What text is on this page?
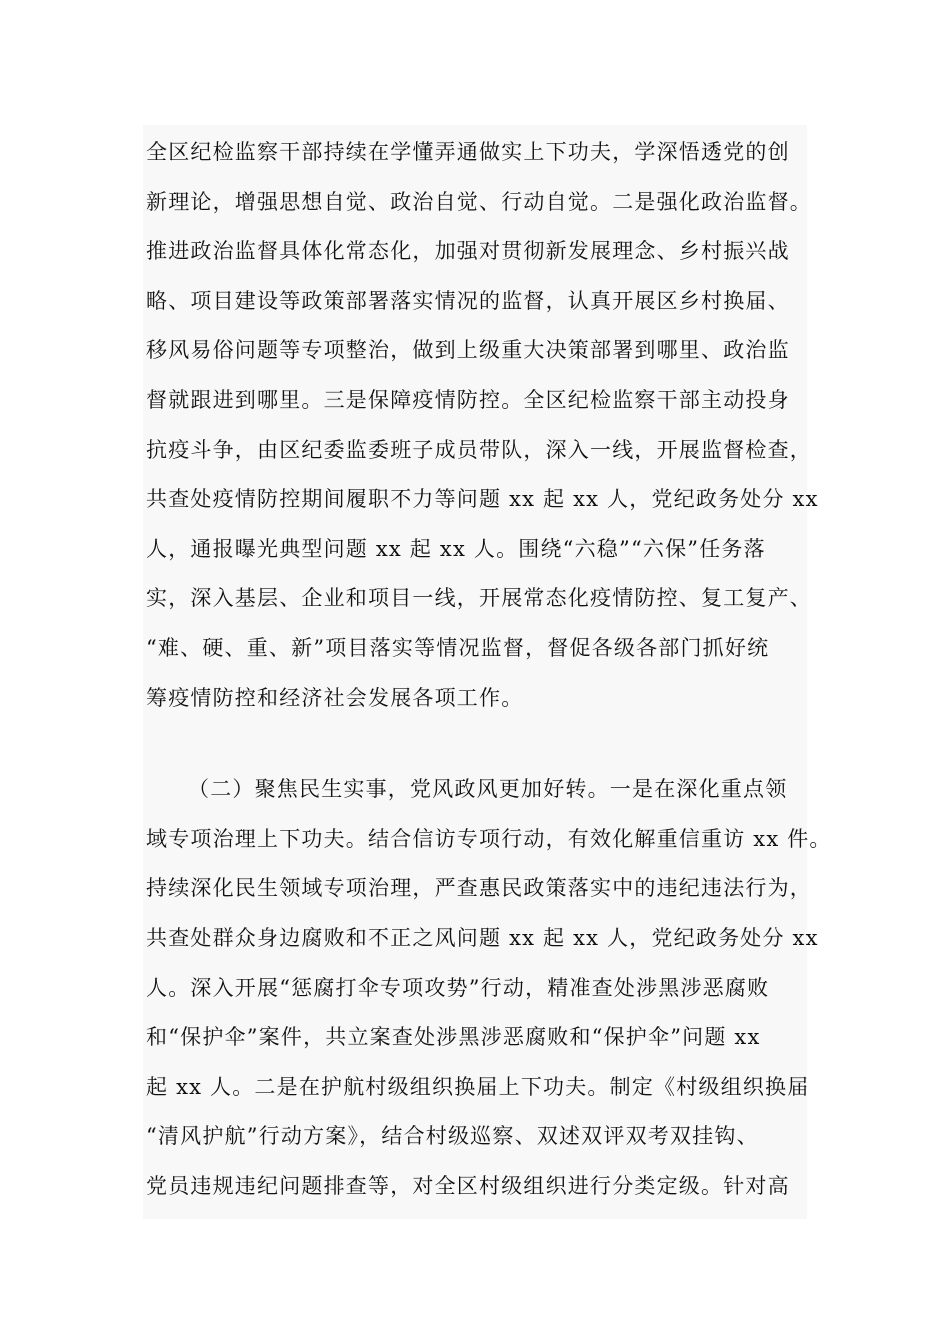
全区纪检监察干部持续在学懂弄通做实上下功夫，学深悟透党的创
新理论，增强思想自觉、政治自觉、行动自觉。二是强化政治监督。
推进政治监督具体化常态化，加强对贯彻新发展理念、乡村振兴战
略、项目建设等政策部署落实情况的监督，认真开展区乡村换届、
移风易俗问题等专项整治，做到上级重大决策部署到哪里、政治监
督就跟进到哪里。三是保障疫情防控。全区纪检监察干部主动投身
抗疫斗争，由区纪委监委班子成员带队，深入一线，开展监督检查，
共查处疫情防控期间履职不力等问题 xx 起 xx 人，党纪政务处分 xx
人，通报曝光典型问题 xx 起 xx 人。围绕“六稳”“六保”任务落
实，深入基层、企业和项目一线，开展常态化疫情防控、复工复产、
“难、硬、重、新”项目落实等情况监督，督促各级各部门抓好统
筹疫情防控和经济社会发展各项工作。
（二）聚焦民生实事，党风政风更加好转。一是在深化重点领
域专项治理上下功夫。结合信访专项行动，有效化解重信重访 xx 件。
持续深化民生领域专项治理，严查惠民政策落实中的违纪违法行为，
共查处群众身边腐败和不正之风问题 xx 起 xx 人，党纪政务处分 xx
人。深入开展“惩腐打伞专项攻势”行动，精准查处涉黑涉恶腐败
和“保护伞”案件，共立案查处涉黑涉恶腐败和“保护伞”问题 xx
起 xx 人。二是在护航村级组织换届上下功夫。制定《村级组织换届
“清风护航”行动方案》，结合村级巡察、双述双评双考双挂钩、
党员违规违纪问题排查等，对全区村级组织进行分类定级。针对高
